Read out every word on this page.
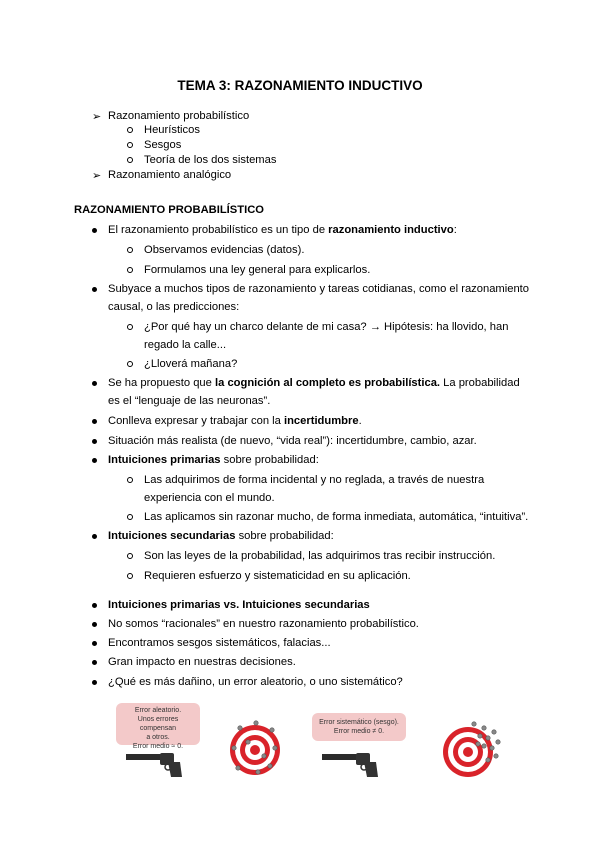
TEMA 3: RAZONAMIENTO INDUCTIVO
➢ Razonamiento probabilístico
Heurísticos
Sesgos
Teoría de los dos sistemas
➢ Razonamiento analógico
RAZONAMIENTO PROBABILÍSTICO
El razonamiento probabilístico es un tipo de razonamiento inductivo:
Observamos evidencias (datos).
Formulamos una ley general para explicarlos.
Subyace a muchos tipos de razonamiento y tareas cotidianas, como el razonamiento
causal, o las predicciones:
¿Por qué hay un charco delante de mi casa? → Hipótesis: ha llovido, han
regado la calle...
¿Lloverá mañana?
Se ha propuesto que la cognición al completo es probabilística. La probabilidad
es el “lenguaje de las neuronas”.
Conlleva expresar y trabajar con la incertidumbre.
Situación más realista (de nuevo, “vida real”): incertidumbre, cambio, azar.
Intuiciones primarias sobre probabilidad:
Las adquirimos de forma incidental y no reglada, a través de nuestra
experiencia con el mundo.
Las aplicamos sin razonar mucho, de forma inmediata, automática, “intuitiva”.
Intuiciones secundarias sobre probabilidad:
Son las leyes de la probabilidad, las adquirimos tras recibir instrucción.
Requieren esfuerzo y sistematicidad en su aplicación.
Intuiciones primarias vs. Intuiciones secundarias
No somos “racionales” en nuestro razonamiento probabilístico.
Encontramos sesgos sistemáticos, falacias...
Gran impacto en nuestras decisiones.
¿Qué es más dañino, un error aleatorio, o uno sistemático?
Error aleatorio.
Unos errores compensan
a otros.
Error medio ≈ 0.
Error sistemático (sesgo).
Error medio ≠ 0.
